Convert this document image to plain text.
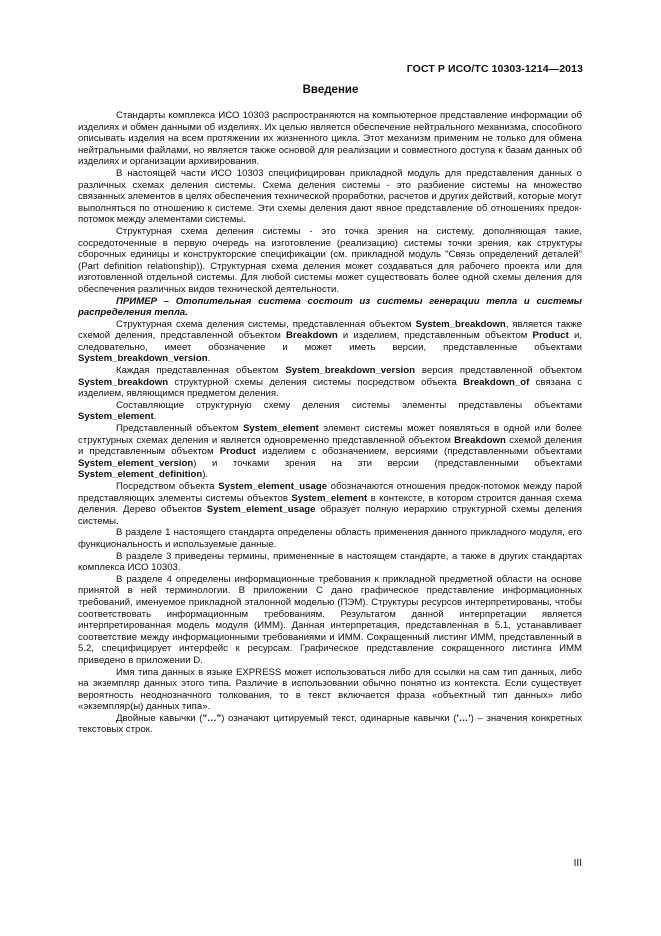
ГОСТ Р ИСО/ТС 10303-1214—2013
Введение

Стандарты комплекса ИСО 10303 распространяются на компьютерное представление информации об изделиях и обмен данными об изделиях. Их целью является обеспечение нейтрального механизма, способного описывать изделия на всем протяжении их жизненного цикла. Этот механизм применим не только для обмена нейтральными файлами, но является также основой для реализации и совместного доступа к базам данных об изделиях и организации архивирования.

В настоящей части ИСО 10303 специфицирован прикладной модуль для представления данных о различных схемах деления системы. Схема деления системы - это разбиение системы на множество связанных элементов в целях обеспечения технической проработки, расчетов и других действий, которые могут выполняться по отношению к системе. Эти схемы деления дают явное представление об отношениях предок-потомок между элементами системы.

Структурная схема деления системы - это точка зрения на систему, дополняющая такие, сосредоточенные в первую очередь на изготовление (реализацию) системы точки зрения, как структуры сборочных единицы и конструкторские спецификации (см. прикладной модуль "Связь определений деталей" (Part definition relationship)). Структурная схема деления может создаваться для рабочего проекта или для изготовленной отдельной системы. Для любой системы может существовать более одной схемы деления для обеспечения различных видов технической деятельности.

ПРИМЕР – Отопительная система состоит из системы генерации тепла и системы распределения тепла.

Структурная схема деления системы, представленная объектом System_breakdown, является также схемой деления, представленной объектом Breakdown и изделием, представленным объектом Product и, следовательно, имеет обозначение и может иметь версии, представленные объектами System_breakdown_version.

Каждая представленная объектом System_breakdown_version версия представленной объектом System_breakdown структурной схемы деления системы посредством объекта Breakdown_of связана с изделием, являющимся предметом деления.

Составляющие структурную схему деления системы элементы представлены объектами System_element.

Представленный объектом System_element элемент системы может появляться в одной или более структурных схемах деления и является одновременно представленной объектом Breakdown схемой деления и представленным объектом Product изделием с обозначением, версиями (представленными объектами System_element_version) и точками зрения на эти версии (представленными объектами System_element_definition).

Посредством объекта System_element_usage обозначаются отношения предок-потомок между парой представляющих элементы системы объектов System_element в контексте, в котором строится данная схема деления. Дерево объектов System_element_usage образует полную иерархию структурной схемы деления системы.

В разделе 1 настоящего стандарта определены область применения данного прикладного модуля, его функциональность и используемые данные.

В разделе 3 приведены термины, примененные в настоящем стандарте, а также в других стандартах комплекса ИСО 10303.

В разделе 4 определены информационные требования к прикладной предметной области на основе принятой в ней терминологии. В приложении С дано графическое представление информационных требований, именуемое прикладной эталонной моделью (ПЭМ). Структуры ресурсов интерпретированы, чтобы соответствовать информационным требованиям. Результатом данной интерпретации является интерпретированная модель модуля (ИММ). Данная интерпретация, представленная в 5.1, устанавливает соответствие между информационными требованиями и ИММ. Сокращенный листинг ИММ, представленный в 5.2, специфицирует интерфейс к ресурсам. Графическое представление сокращенного листинга ИММ приведено в приложении D.

Имя типа данных в языке EXPRESS может использоваться либо для ссылки на сам тип данных, либо на экземпляр данных этого типа. Различие в использовании обычно понятно из контекста. Если существует вероятность неоднозначного толкования, то в текст включается фраза «объектный тип данных» либо «экземпляр(ы) данных типа».

Двойные кавычки ("…") означают цитируемый текст, одинарные кавычки ('…') – значения конкретных текстовых строк.

III
